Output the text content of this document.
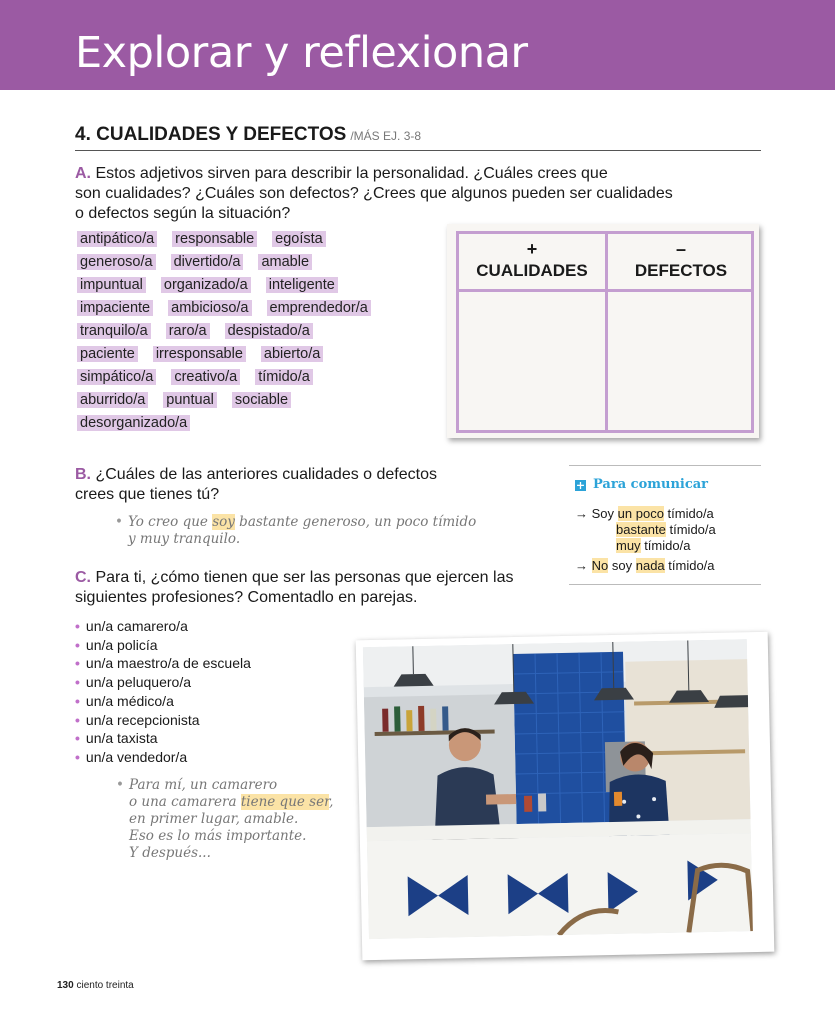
Explorar y reflexionar
4. CUALIDADES Y DEFECTOS /MÁS EJ. 3-8
A. Estos adjetivos sirven para describir la personalidad. ¿Cuáles crees que
son cualidades? ¿Cuáles son defectos? ¿Crees que algunos pueden ser cualidades
o defectos según la situación?
antipático/a responsable egoísta
generoso/a divertido/a amable
impuntual organizado/a inteligente
impaciente ambicioso/a emprendedor/a
tranquilo/a raro/a despistado/a
paciente irresponsable abierto/a
simpático/a creativo/a tímido/a
aburrido/a puntual sociable
desorganizado/a
+
CUALIDADES
–
DEFECTOS
B. ¿Cuáles de las anteriores cualidades o defectos
crees que tienes tú?
• Yo creo que soy bastante generoso, un poco tímido
y muy tranquilo.
+ Para comunicar
→ Soy un poco tímido/a
bastante tímido/a
muy tímido/a
→ No soy nada tímido/a
C. Para ti, ¿cómo tienen que ser las personas que ejercen las
siguientes profesiones? Comentadlo en parejas.
• un/a camarero/a
• un/a policía
• un/a maestro/a de escuela
• un/a peluquero/a
• un/a médico/a
• un/a recepcionista
• un/a taxista
• un/a vendedor/a
• Para mí, un camarero
o una camarera tiene que ser,
en primer lugar, amable.
Eso es lo más importante.
Y después...
130 ciento treinta
